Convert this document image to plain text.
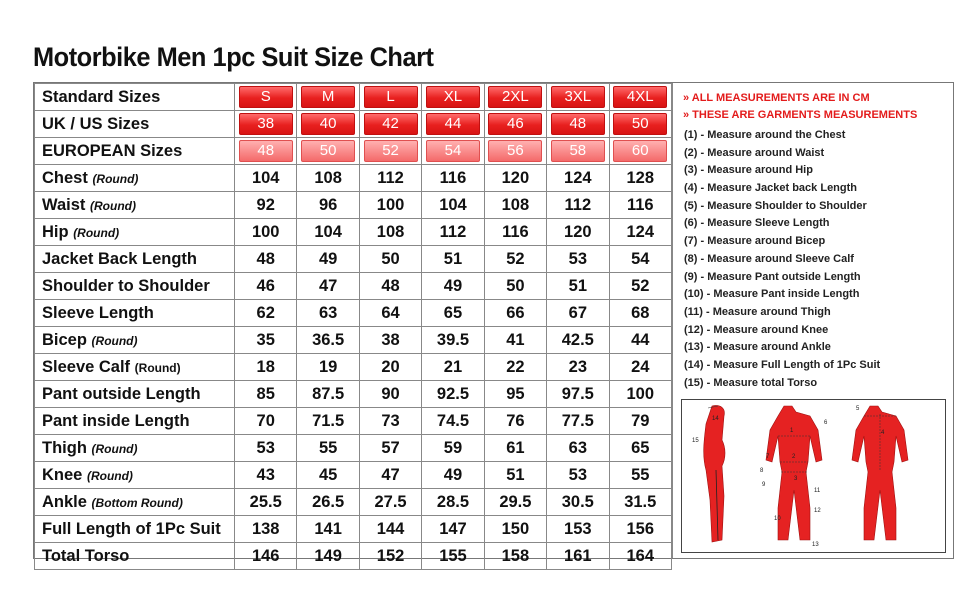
Motorbike Men 1pc Suit Size Chart
Standard Sizes	S	M	L	XL	2XL	3XL	4XL
UK / US Sizes	38	40	42	44	46	48	50
EUROPEAN Sizes	48	50	52	54	56	58	60
Chest (Round)	104	108	112	116	120	124	128
Waist (Round)	92	96	100	104	108	112	116
Hip (Round)	100	104	108	112	116	120	124
Jacket Back Length	48	49	50	51	52	53	54
Shoulder to Shoulder	46	47	48	49	50	51	52
Sleeve Length	62	63	64	65	66	67	68
Bicep (Round)	35	36.5	38	39.5	41	42.5	44
Sleeve Calf (Round)	18	19	20	21	22	23	24
Pant outside Length	85	87.5	90	92.5	95	97.5	100
Pant inside Length	70	71.5	73	74.5	76	77.5	79
Thigh (Round)	53	55	57	59	61	63	65
Knee (Round)	43	45	47	49	51	53	55
Ankle (Bottom Round)	25.5	26.5	27.5	28.5	29.5	30.5	31.5
Full Length of 1Pc Suit	138	141	144	147	150	153	156
Total Torso	146	149	152	155	158	161	164
» ALL MEASUREMENTS ARE IN CM
» THESE ARE GARMENTS MEASUREMENTS
(1) - Measure around the Chest
(2) - Measure around Waist
(3) - Measure around Hip
(4) - Measure Jacket back Length
(5) - Measure Shoulder to Shoulder
(6) - Measure Sleeve Length
(7) - Measure around Bicep
(8) - Measure around Sleeve Calf
(9) - Measure Pant outside Length
(10) - Measure Pant inside Length
(11) - Measure around Thigh
(12) - Measure around Knee
(13) - Measure around Ankle
(14) - Measure Full Length of 1Pc Suit
(15) - Measure total Torso
14
15
1
2
3
4
5
6
7
8
9
10
11
12
13
